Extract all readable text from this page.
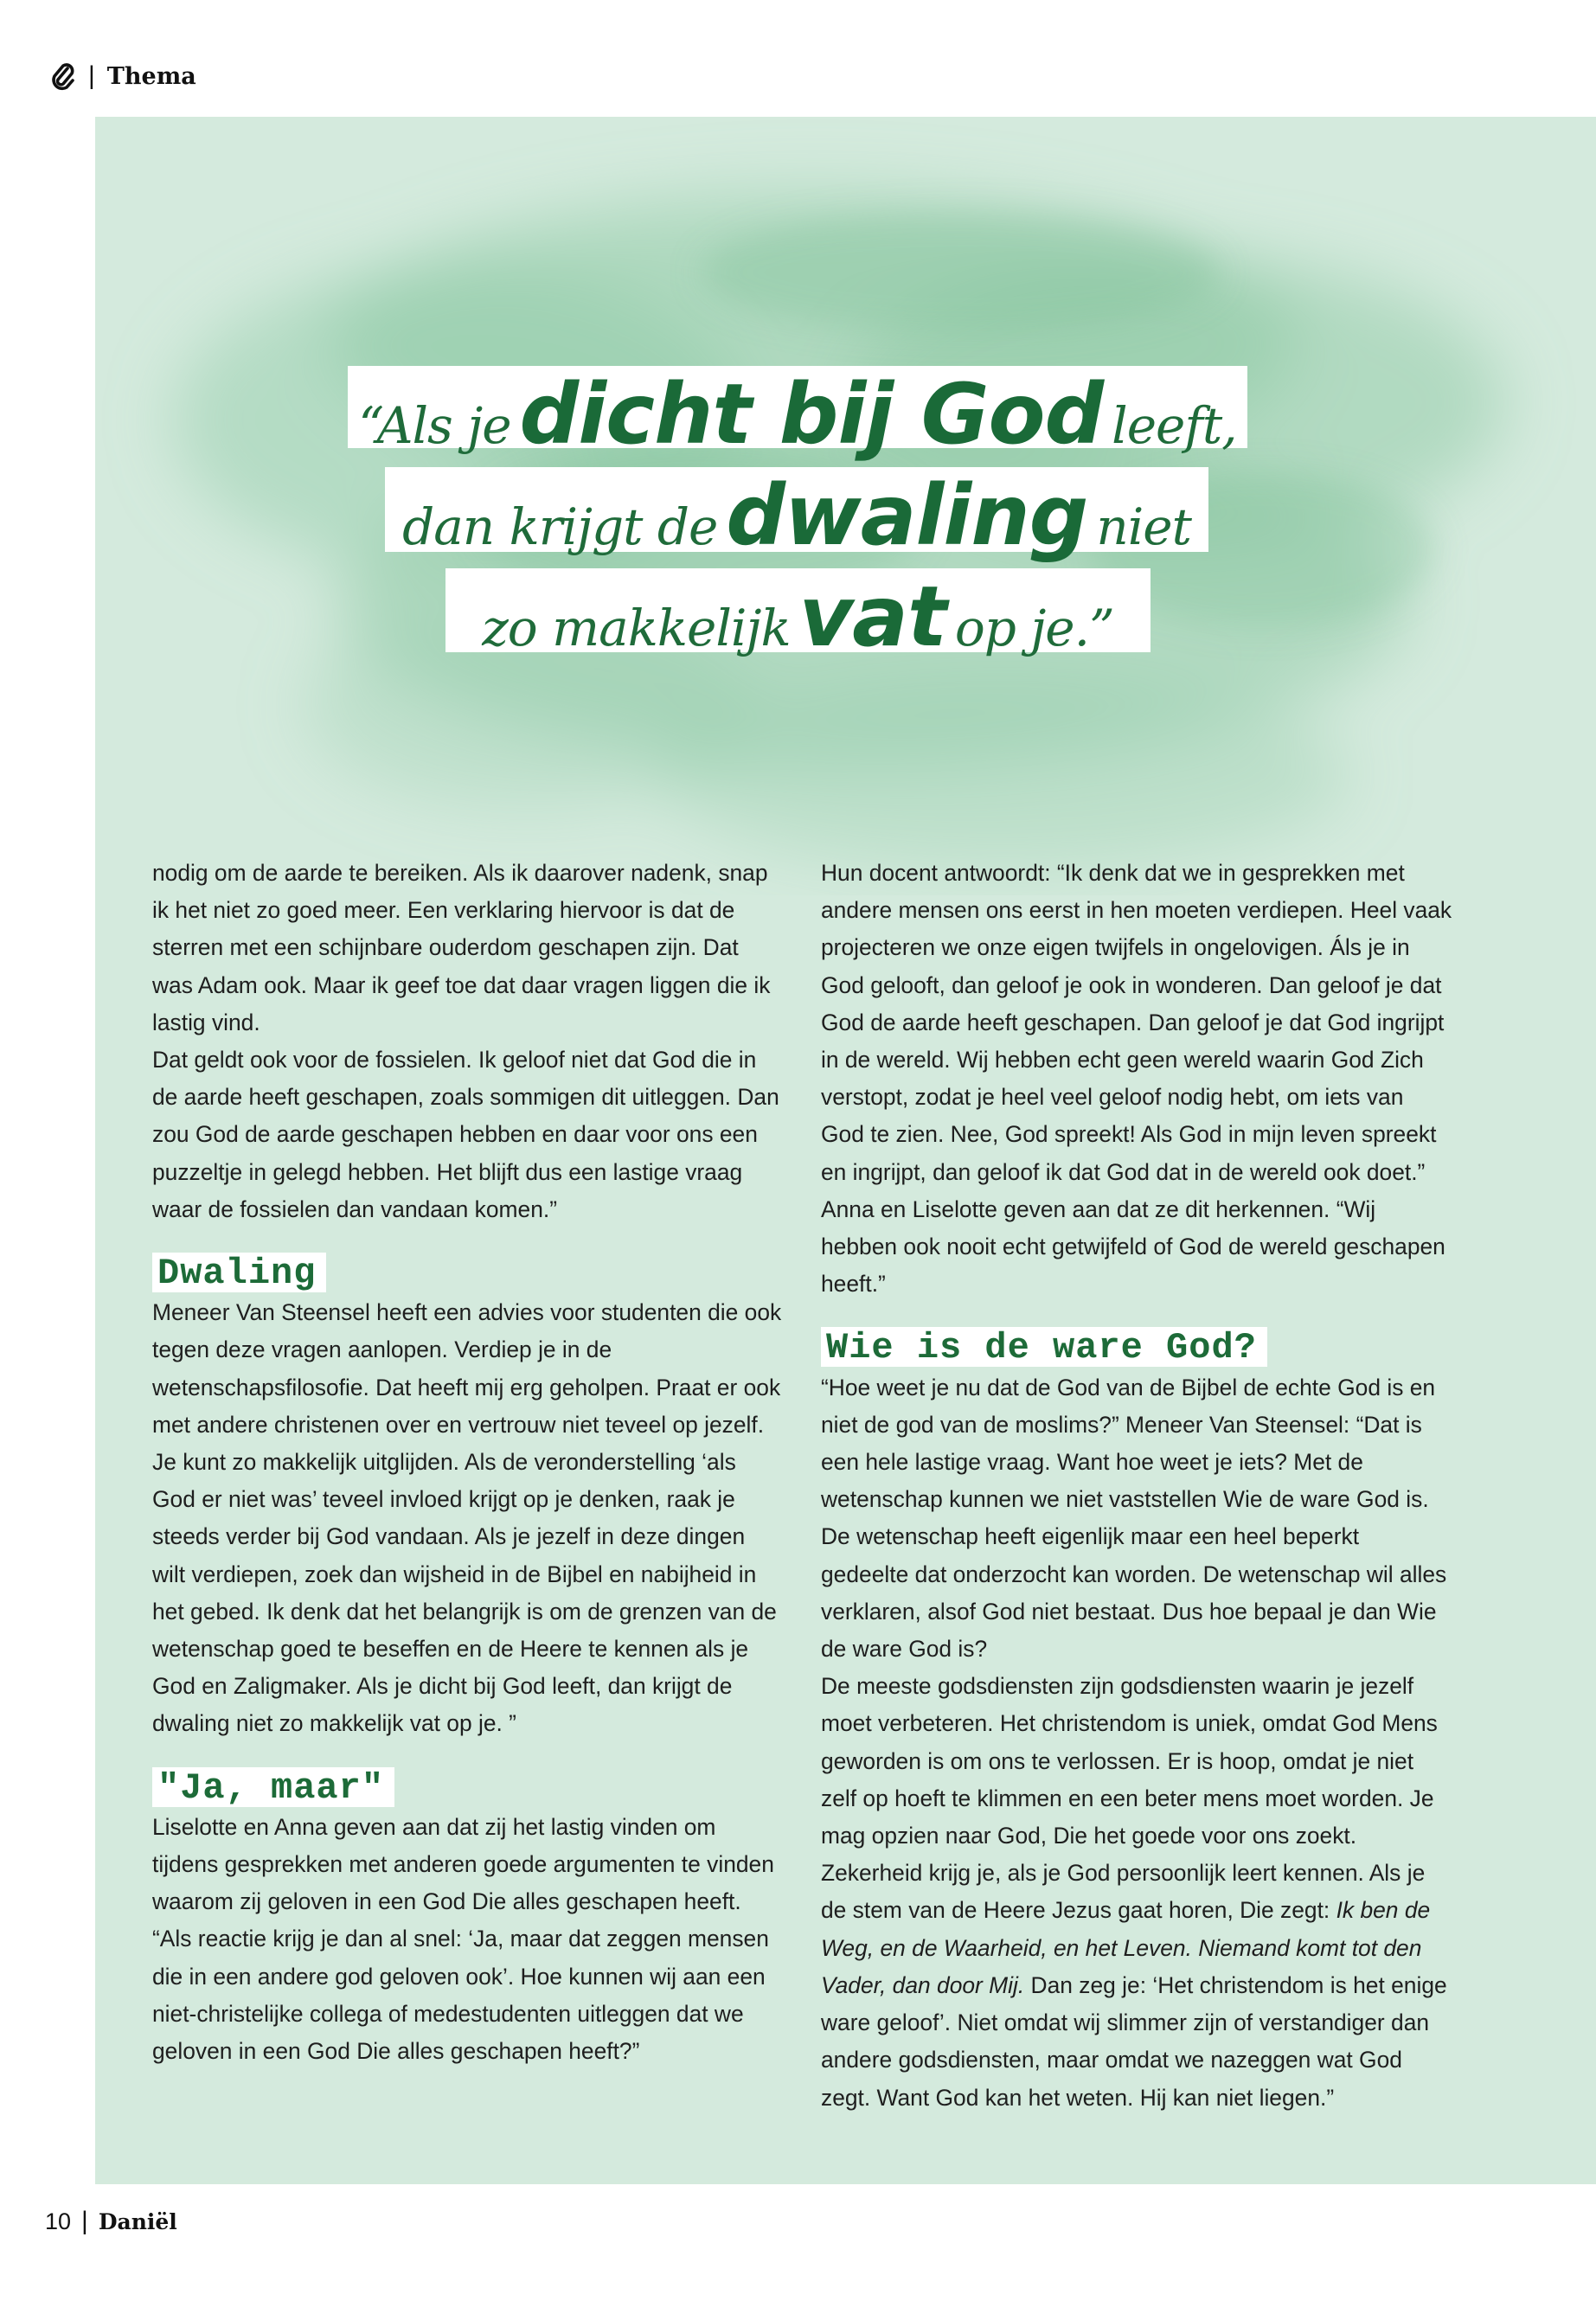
| Thema
“Als je dicht bij God leeft,
dan krijgt de dwaling niet
zo makkelijk vat op je.”

nodig om de aarde te bereiken. Als ik daarover nadenk, snap ik het niet zo goed meer. Een verklaring hiervoor is dat de sterren met een schijnbare ouderdom geschapen zijn. Dat was Adam ook. Maar ik geef toe dat daar vragen liggen die ik lastig vind.

Dat geldt ook voor de fossielen. Ik geloof niet dat God die in de aarde heeft geschapen, zoals sommigen dit uitleggen. Dan zou God de aarde geschapen hebben en daar voor ons een puzzeltje in gelegd hebben. Het blijft dus een lastige vraag waar de fossielen dan vandaan komen.”

Dwaling

Meneer Van Steensel heeft een advies voor studenten die ook tegen deze vragen aanlopen. Verdiep je in de wetenschapsfilosofie. Dat heeft mij erg geholpen. Praat er ook met andere christenen over en vertrouw niet teveel op jezelf. Je kunt zo makkelijk uitglijden. Als de veronderstelling ‘als God er niet was’ teveel invloed krijgt op je denken, raak je steeds verder bij God vandaan. Als je jezelf in deze dingen wilt verdiepen, zoek dan wijsheid in de Bijbel en nabijheid in het gebed. Ik denk dat het belangrijk is om de grenzen van de wetenschap goed te beseffen en de Heere te kennen als je God en Zaligmaker. Als je dicht bij God leeft, dan krijgt de dwaling niet zo makkelijk vat op je. ”

"Ja, maar"

Liselotte en Anna geven aan dat zij het lastig vinden om tijdens gesprekken met anderen goede argumenten te vinden waarom zij geloven in een God Die alles geschapen heeft. “Als reactie krijg je dan al snel: ‘Ja, maar dat zeggen mensen die in een andere god geloven ook’. Hoe kunnen wij aan een niet-christelijke collega of medestudenten uitleggen dat we geloven in een God Die alles geschapen heeft?”

Hun docent antwoordt: “Ik denk dat we in gesprekken met andere mensen ons eerst in hen moeten verdiepen. Heel vaak projecteren we onze eigen twijfels in ongelovigen. Áls je in God gelooft, dan geloof je ook in wonderen. Dan geloof je dat God de aarde heeft geschapen. Dan geloof je dat God ingrijpt in de wereld. Wij hebben echt geen wereld waarin God Zich verstopt, zodat je heel veel geloof nodig hebt, om iets van God te zien. Nee, God spreekt! Als God in mijn leven spreekt en ingrijpt, dan geloof ik dat God dat in de wereld ook doet.” Anna en Liselotte geven aan dat ze dit herkennen. “Wij hebben ook nooit echt getwijfeld of God de wereld geschapen heeft.”

Wie is de ware God?

“Hoe weet je nu dat de God van de Bijbel de echte God is en niet de god van de moslims?” Meneer Van Steensel: “Dat is een hele lastige vraag. Want hoe weet je iets? Met de wetenschap kunnen we niet vaststellen Wie de ware God is. De wetenschap heeft eigenlijk maar een heel beperkt gedeelte dat onderzocht kan worden. De wetenschap wil alles verklaren, alsof God niet bestaat. Dus hoe bepaal je dan Wie de ware God is?

De meeste godsdiensten zijn godsdiensten waarin je jezelf moet verbeteren. Het christendom is uniek, omdat God Mens geworden is om ons te verlossen. Er is hoop, omdat je niet zelf op hoeft te klimmen en een beter mens moet worden. Je mag opzien naar God, Die het goede voor ons zoekt. Zekerheid krijg je, als je God persoonlijk leert kennen. Als je de stem van de Heere Jezus gaat horen, Die zegt: Ik ben de Weg, en de Waarheid, en het Leven. Niemand komt tot den Vader, dan door Mij. Dan zeg je: ‘Het christendom is het enige ware geloof’. Niet omdat wij slimmer zijn of verstandiger dan andere godsdiensten, maar omdat we nazeggen wat God zegt. Want God kan het weten. Hij kan niet liegen.”

10 | Daniël
